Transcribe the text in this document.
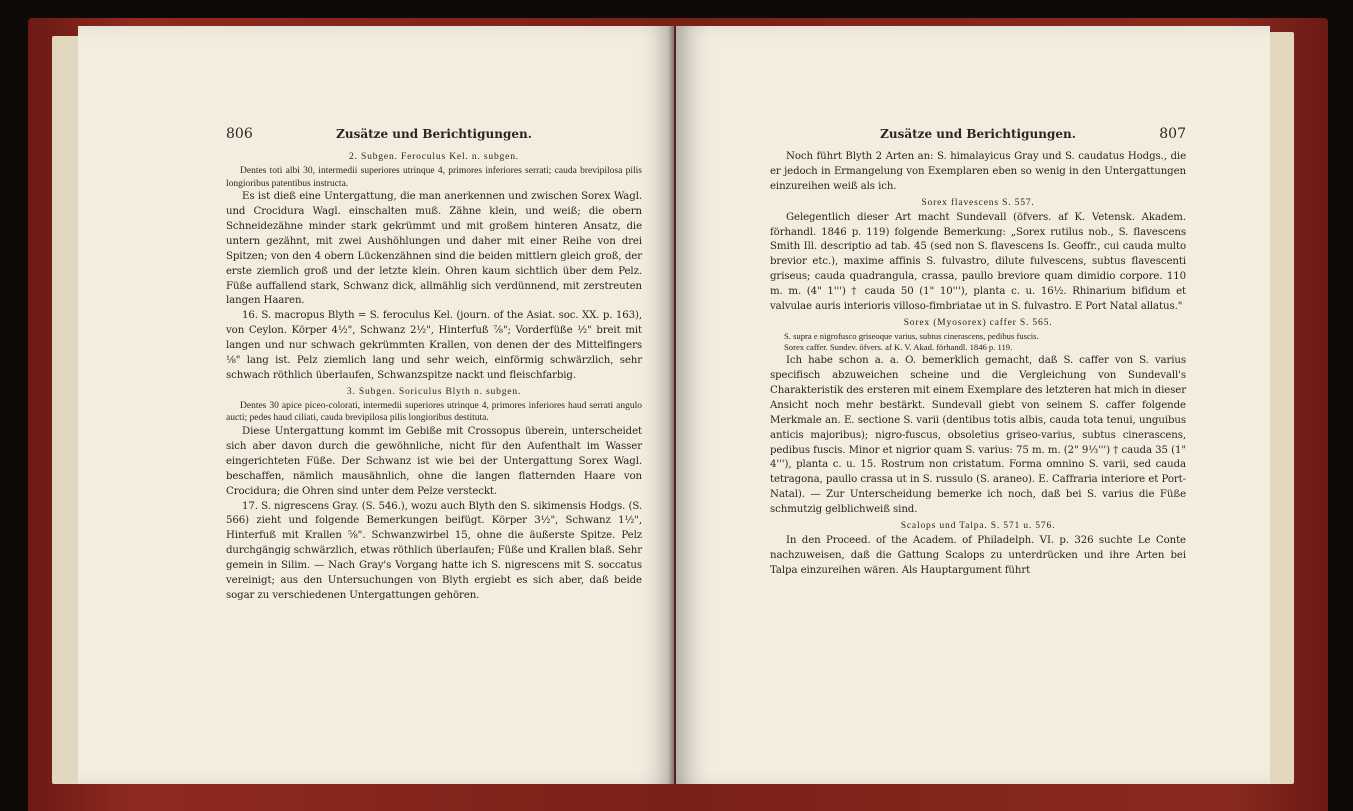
806	Zusätze und Berichtigungen.

2. Subgen. Feroculus Kel. n. subgen.

Dentes toti albi 30, intermedii superiores utrinque 4, primores inferiores serrati; cauda brevipilosa pilis longioribus patentibus instructa.

Es ist dieß eine Untergattung, die man anerkennen und zwischen Sorex Wagl. und Crocidura Wagl. einschalten muß. Zähne klein, und weiß; die obern Schneidezähne minder stark gekrümmt und mit großem hinteren Ansatz, die untern gezähnt, mit zwei Aushöhlungen und daher mit einer Reihe von drei Spitzen; von den 4 obern Lückenzähnen sind die beiden mittlern gleich groß, der erste ziemlich groß und der letzte klein. Ohren kaum sichtlich über dem Pelz. Füße auffallend stark, Schwanz dick, allmählig sich verdünnend, mit zerstreuten langen Haaren.

16. S. macropus Blyth = S. feroculus Kel. (journ. of the Asiat. soc. XX. p. 163), von Ceylon. Körper 4½", Schwanz 2½", Hinterfuß ⅞"; Vorderfüße ½" breit mit langen und nur schwach gekrümmten Krallen, von denen der des Mittelfingers ⅛" lang ist. Pelz ziemlich lang und sehr weich, einförmig schwärzlich, sehr schwach röthlich überlaufen, Schwanzspitze nackt und fleischfarbig.

3. Subgen. Soriculus Blyth n. subgen.

Dentes 30 apice piceo-colorati, intermedii superiores utrinque 4, primores inferiores haud serrati angulo aucti; pedes haud ciliati, cauda brevipilosa pilis longioribus destituta.

Diese Untergattung kommt im Gebiße mit Crossopus überein, unterscheidet sich aber davon durch die gewöhnliche, nicht für den Aufenthalt im Wasser eingerichteten Füße. Der Schwanz ist wie bei der Untergattung Sorex Wagl. beschaffen, nämlich mausähnlich, ohne die langen flatternden Haare von Crocidura; die Ohren sind unter dem Pelze versteckt.

17. S. nigrescens Gray. (S. 546.), wozu auch Blyth den S. sikimensis Hodgs. (S. 566) zieht und folgende Bemerkungen beifügt. Körper 3½", Schwanz 1½", Hinterfuß mit Krallen ⅝". Schwanzwirbel 15, ohne die äußerste Spitze. Pelz durchgängig schwärzlich, etwas röthlich überlaufen; Füße und Krallen blaß. Sehr gemein in Silim. — Nach Gray's Vorgang hatte ich S. nigrescens mit S. soccatus vereinigt; aus den Untersuchungen von Blyth ergiebt es sich aber, daß beide sogar zu verschiedenen Untergattungen gehören.

Zusätze und Berichtigungen.	807

Noch führt Blyth 2 Arten an: S. himalayicus Gray und S. caudatus Hodgs., die er jedoch in Ermangelung von Exemplaren eben so wenig in den Untergattungen einzureihen weiß als ich.

Sorex flavescens S. 557.

Gelegentlich dieser Art macht Sundevall (öfvers. af K. Vetensk. Akadem. förhandl. 1846 p. 119) folgende Bemerkung: „Sorex rutilus nob., S. flavescens Smith Ill. descriptio ad tab. 45 (sed non S. flavescens Is. Geoffr., cui cauda multo brevior etc.), maxime affinis S. fulvastro, dilute fulvescens, subtus flavescenti griseus; cauda quadrangula, crassa, paullo breviore quam dimidio corpore. 110 m. m. (4" 1''') † cauda 50 (1" 10'''), planta c. u. 16½. Rhinarium bifidum et valvulae auris interioris villoso-fimbriatae ut in S. fulvastro. E Port Natal allatus."

Sorex (Myosorex) caffer S. 565.

S. supra e nigrofusco griseoque varius, subtus cinerascens, pedibus fuscis.

Sorex caffer. Sundev. öfvers. af K. V. Akad. förhandl. 1846 p. 119.

Ich habe schon a. a. O. bemerklich gemacht, daß S. caffer von S. varius specifisch abzuweichen scheine und die Vergleichung von Sundevall's Charakteristik des ersteren mit einem Exemplare des letzteren hat mich in dieser Ansicht noch mehr bestärkt. Sundevall giebt von seinem S. caffer folgende Merkmale an. E. sectione S. varii (dentibus totis albis, cauda tota tenui, unguibus anticis majoribus); nigro-fuscus, obsoletius griseo-varius, subtus cinerascens, pedibus fuscis. Minor et nigrior quam S. varius: 75 m. m. (2" 9⅓''') † cauda 35 (1" 4'''), planta c. u. 15. Rostrum non cristatum. Forma omnino S. varii, sed cauda tetragona, paullo crassa ut in S. russulo (S. araneo). E. Caffraria interiore et Port-Natal). — Zur Unterscheidung bemerke ich noch, daß bei S. varius die Füße schmutzig gelblichweiß sind.

Scalops und Talpa. S. 571 u. 576.

In den Proceed. of the Academ. of Philadelph. VI. p. 326 suchte Le Conte nachzuweisen, daß die Gattung Scalops zu unterdrücken und ihre Arten bei Talpa einzureihen wären. Als Hauptargument führt
